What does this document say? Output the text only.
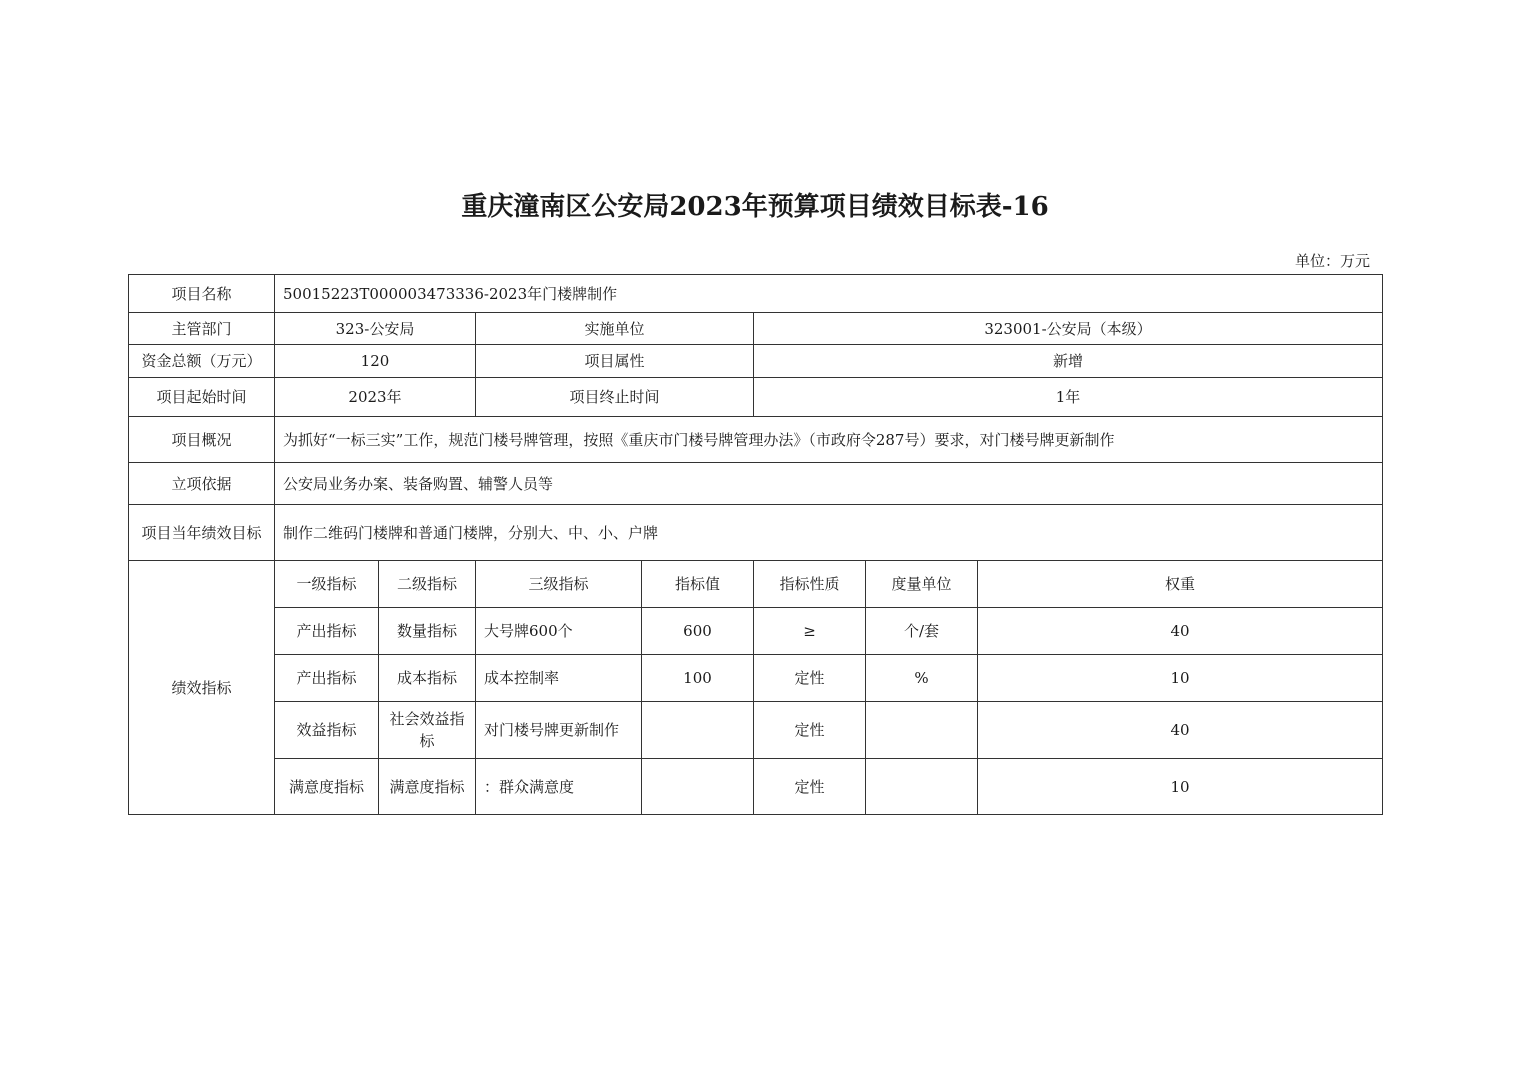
重庆潼南区公安局2023年预算项目绩效目标表-16
单位：万元
项目名称	50015223T000003473336-2023年门楼牌制作						
主管部门	323-公安局		实施单位		323001-公安局（本级）		
资金总额（万元）	120		项目属性		新增		
项目起始时间	2023年		项目终止时间		1年		
项目概况	为抓好“一标三实”工作，规范门楼号牌管理，按照《重庆市门楼号牌管理办法》（市政府令287号）要求，对门楼号牌更新制作						
立项依据	公安局业务办案、装备购置、辅警人员等						
项目当年绩效目标	制作二维码门楼牌和普通门楼牌，分别大、中、小、户牌						
绩效指标	一级指标	二级指标	三级指标	指标值	指标性质	度量单位	权重
	产出指标	数量指标	大号牌600个	600	≥	个/套	40
	产出指标	成本指标	成本控制率	100	定性	%	10
	效益指标	社会效益指标	对门楼号牌更新制作		定性		40
	满意度指标	满意度指标	：群众满意度		定性		10
